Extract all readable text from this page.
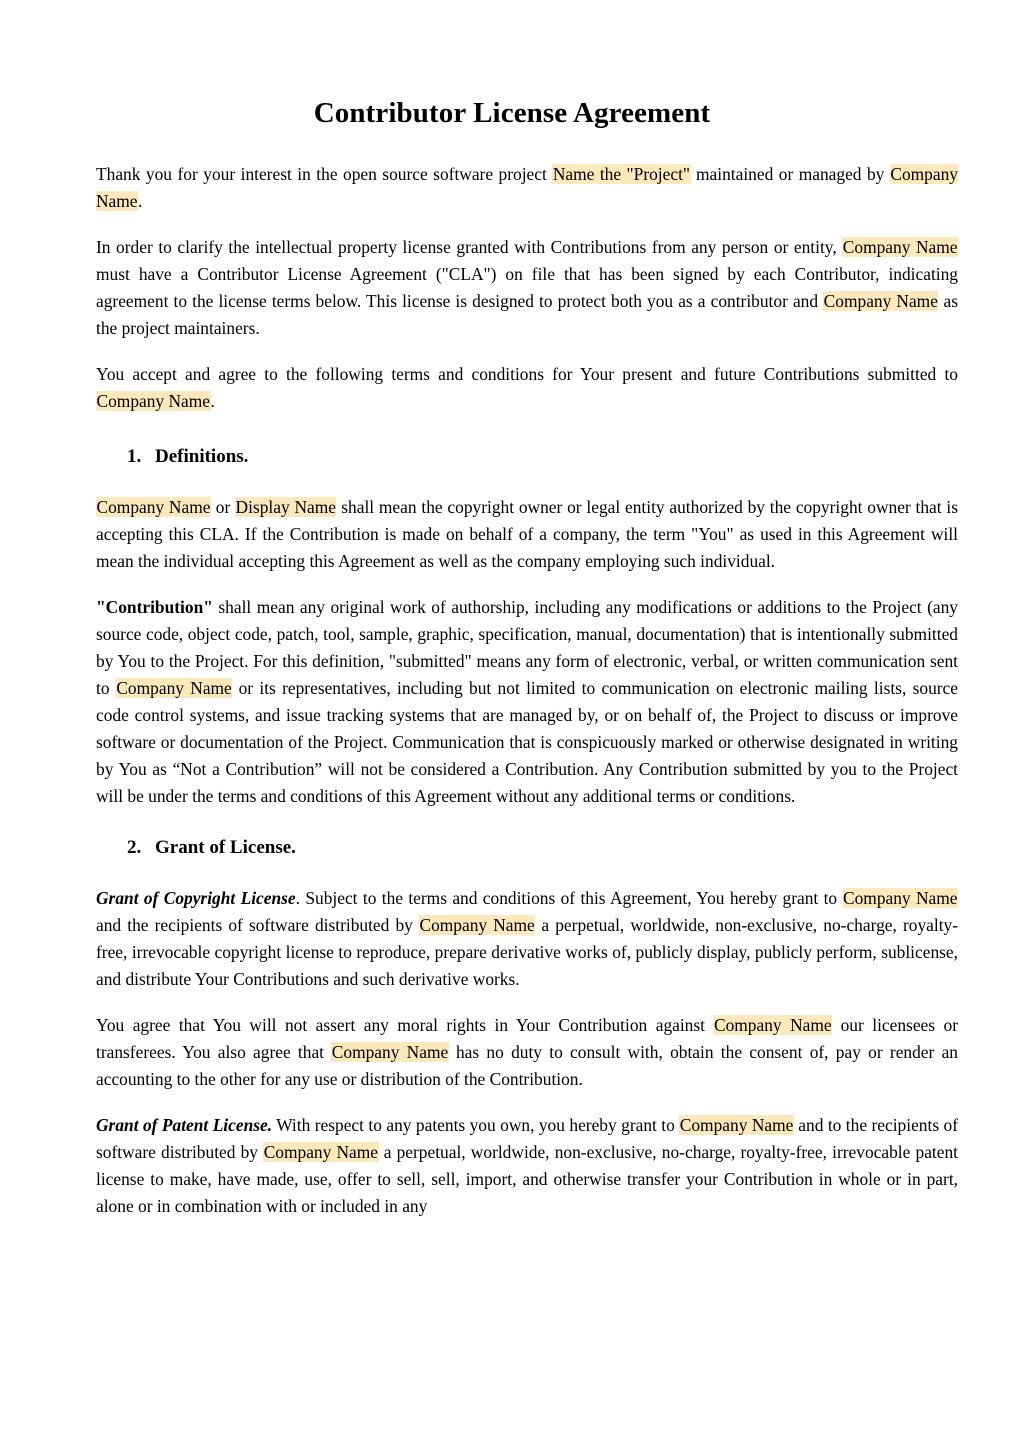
Contributor License Agreement

Thank you for your interest in the open source software project Name the "Project" maintained or managed by Company Name.

In order to clarify the intellectual property license granted with Contributions from any person or entity, Company Name must have a Contributor License Agreement ("CLA") on file that has been signed by each Contributor, indicating agreement to the license terms below. This license is designed to protect both you as a contributor and Company Name as the project maintainers.

You accept and agree to the following terms and conditions for Your present and future Contributions submitted to Company Name.

1. Definitions.

Company Name or Display Name shall mean the copyright owner or legal entity authorized by the copyright owner that is accepting this CLA. If the Contribution is made on behalf of a company, the term "You" as used in this Agreement will mean the individual accepting this Agreement as well as the company employing such individual.

"Contribution" shall mean any original work of authorship, including any modifications or additions to the Project (any source code, object code, patch, tool, sample, graphic, specification, manual, documentation) that is intentionally submitted by You to the Project. For this definition, "submitted" means any form of electronic, verbal, or written communication sent to Company Name or its representatives, including but not limited to communication on electronic mailing lists, source code control systems, and issue tracking systems that are managed by, or on behalf of, the Project to discuss or improve software or documentation of the Project. Communication that is conspicuously marked or otherwise designated in writing by You as “Not a Contribution” will not be considered a Contribution. Any Contribution submitted by you to the Project will be under the terms and conditions of this Agreement without any additional terms or conditions.

2. Grant of License.

Grant of Copyright License. Subject to the terms and conditions of this Agreement, You hereby grant to Company Name and the recipients of software distributed by Company Name a perpetual, worldwide, non-exclusive, no-charge, royalty-free, irrevocable copyright license to reproduce, prepare derivative works of, publicly display, publicly perform, sublicense, and distribute Your Contributions and such derivative works.

You agree that You will not assert any moral rights in Your Contribution against Company Name our licensees or transferees. You also agree that Company Name has no duty to consult with, obtain the consent of, pay or render an accounting to the other for any use or distribution of the Contribution.

Grant of Patent License. With respect to any patents you own, you hereby grant to Company Name and to the recipients of software distributed by Company Name a perpetual, worldwide, non-exclusive, no-charge, royalty-free, irrevocable patent license to make, have made, use, offer to sell, sell, import, and otherwise transfer your Contribution in whole or in part, alone or in combination with or included in any
